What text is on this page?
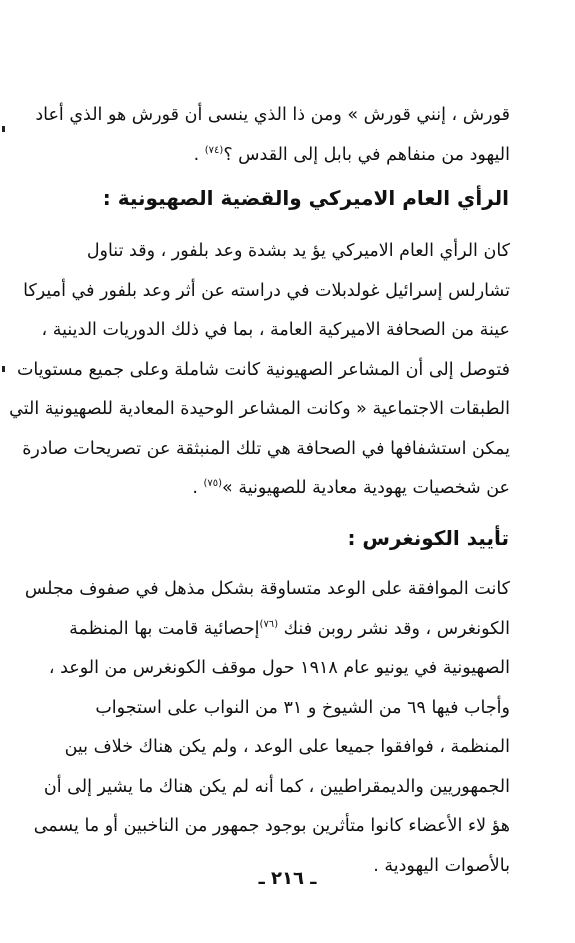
قورش ، إنني قورش » ومن ذا الذي ينسى أن قورش هو الذي أعاد
اليهود من منفاهم في بابل إلى القدس ؟$^{(٧٤)}$ .
الرأي العام الاميركي والقضية الصهيونية :
كان الرأي العام الاميركي يؤ يد بشدة وعد بلفور ، وقد تناول
تشارلس إسرائيل غولدبلات في دراسته عن أثر وعد بلفور في أميركا
عينة من الصحافة الاميركية العامة ، بما في ذلك الدوريات الدينية ،
فتوصل إلى أن المشاعر الصهيونية كانت شاملة وعلى جميع مستويات
الطبقات الاجتماعية « وكانت المشاعر الوحيدة المعادية للصهيونية التي
يمكن استشفافها في الصحافة هي تلك المنبثقة عن تصريحات صادرة
عن شخصيات يهودية معادية للصهيونية »$^{(٧٥)}$ .
تأييد الكونغرس :
كانت الموافقة على الوعد متساوقة بشكل مذهل في صفوف مجلس
الكونغرس ، وقد نشر روبن فنك $^{(٧٦)}$إحصائية قامت بها المنظمة
الصهيونية في يونيو عام ١٩١٨ حول موقف الكونغرس من الوعد ،
وأجاب فيها ٦٩ من الشيوخ و ٣١ من النواب على استجواب
المنظمة ، فوافقوا جميعا على الوعد ، ولم يكن هناك خلاف بين
الجمهوريين والديمقراطيين ، كما أنه لم يكن هناك ما يشير إلى أن
هؤ لاء الأعضاء كانوا متأثرين بوجود جمهور من الناخبين أو ما يسمى
بالأصوات اليهودية .
ـ ٢١٦ ـ
